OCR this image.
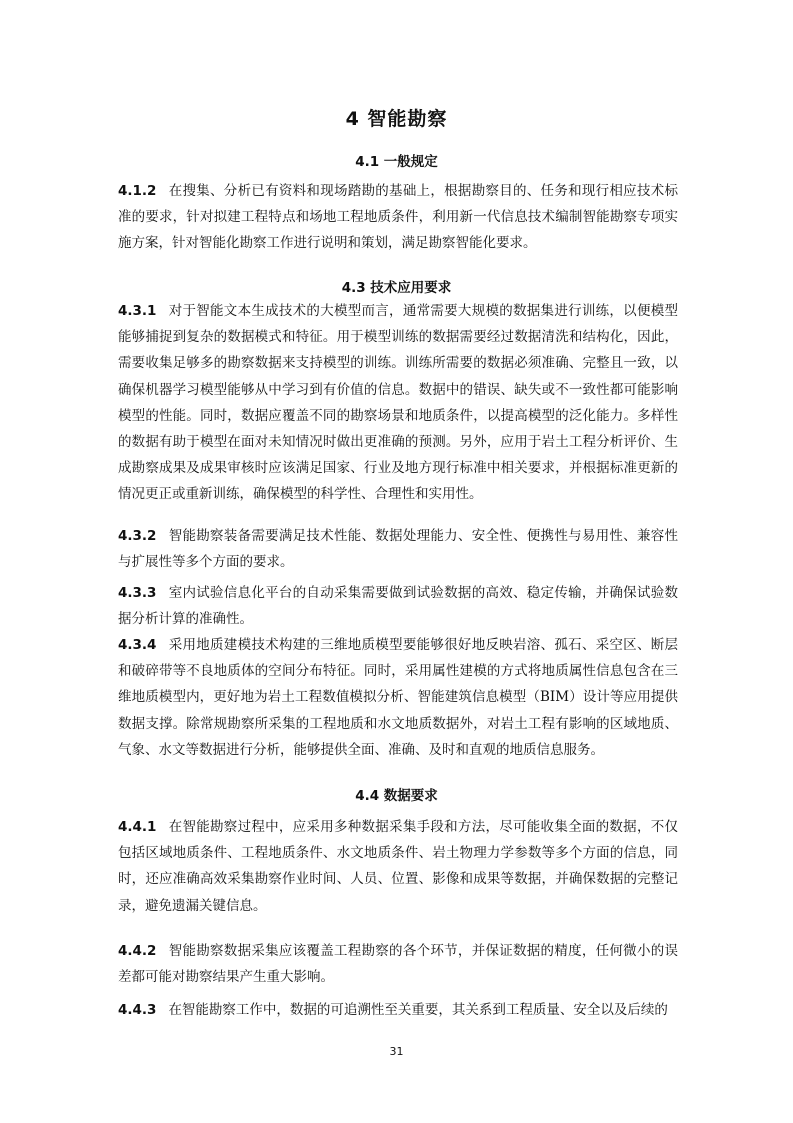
4 智能勘察
4.1 一般规定
4.1.2 在搜集、分析已有资料和现场踏勘的基础上，根据勘察目的、任务和现行相应技术标准的要求，针对拟建工程特点和场地工程地质条件，利用新一代信息技术编制智能勘察专项实施方案，针对智能化勘察工作进行说明和策划，满足勘察智能化要求。
4.3 技术应用要求
4.3.1 对于智能文本生成技术的大模型而言，通常需要大规模的数据集进行训练，以便模型能够捕捉到复杂的数据模式和特征。用于模型训练的数据需要经过数据清洗和结构化，因此，需要收集足够多的勘察数据来支持模型的训练。训练所需要的数据必须准确、完整且一致，以确保机器学习模型能够从中学习到有价值的信息。数据中的错误、缺失或不一致性都可能影响模型的性能。同时，数据应覆盖不同的勘察场景和地质条件，以提高模型的泛化能力。多样性的数据有助于模型在面对未知情况时做出更准确的预测。另外，应用于岩土工程分析评价、生成勘察成果及成果审核时应该满足国家、行业及地方现行标准中相关要求，并根据标准更新的情况更正或重新训练，确保模型的科学性、合理性和实用性。
4.3.2 智能勘察装备需要满足技术性能、数据处理能力、安全性、便携性与易用性、兼容性与扩展性等多个方面的要求。
4.3.3 室内试验信息化平台的自动采集需要做到试验数据的高效、稳定传输，并确保试验数据分析计算的准确性。
4.3.4 采用地质建模技术构建的三维地质模型要能够很好地反映岩溶、孤石、采空区、断层和破碎带等不良地质体的空间分布特征。同时，采用属性建模的方式将地质属性信息包含在三维地质模型内，更好地为岩土工程数值模拟分析、智能建筑信息模型（BIM）设计等应用提供数据支撑。除常规勘察所采集的工程地质和水文地质数据外，对岩土工程有影响的区域地质、气象、水文等数据进行分析，能够提供全面、准确、及时和直观的地质信息服务。
4.4 数据要求
4.4.1 在智能勘察过程中，应采用多种数据采集手段和方法，尽可能收集全面的数据，不仅包括区域地质条件、工程地质条件、水文地质条件、岩土物理力学参数等多个方面的信息，同时，还应准确高效采集勘察作业时间、人员、位置、影像和成果等数据，并确保数据的完整记录，避免遗漏关键信息。
4.4.2 智能勘察数据采集应该覆盖工程勘察的各个环节，并保证数据的精度，任何微小的误差都可能对勘察结果产生重大影响。
4.4.3 在智能勘察工作中，数据的可追溯性至关重要，其关系到工程质量、安全以及后续的
31
